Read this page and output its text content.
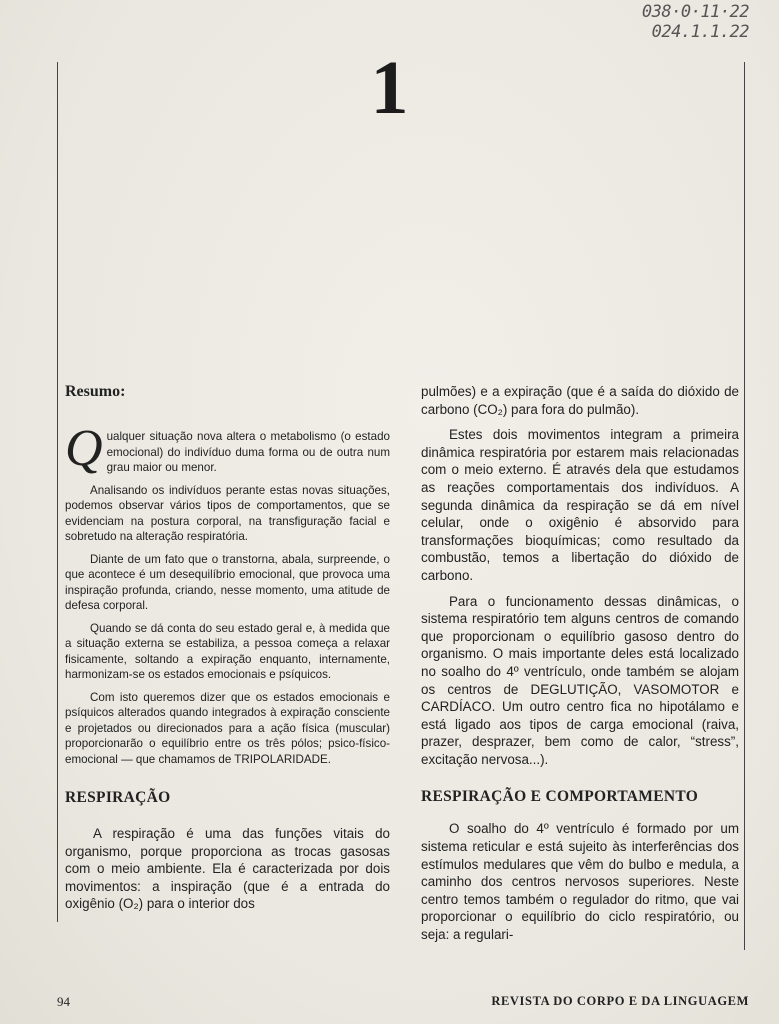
038·0·11·22
024.1.1.22
1
Resumo:

Qualquer situação nova altera o metabolismo (o estado emocional) do indivíduo duma forma ou de outra num grau maior ou menor.

Analisando os indivíduos perante estas novas situações, podemos observar vários tipos de comportamentos, que se evidenciam na postura corporal, na transfiguração facial e sobretudo na alteração respiratória.

Diante de um fato que o transtorna, abala, surpreende, o que acontece é um desequilíbrio emocional, que provoca uma inspiração profunda, criando, nesse momento, uma atitude de defesa corporal.

Quando se dá conta do seu estado geral e, à medida que a situação externa se estabiliza, a pessoa começa a relaxar fisicamente, soltando a expiração enquanto, internamente, harmonizam-se os estados emocionais e psíquicos.

Com isto queremos dizer que os estados emocionais e psíquicos alterados quando integrados à expiração consciente e projetados ou direcionados para a ação física (muscular) proporcionarão o equilíbrio entre os três pólos; psico-físico-emocional — que chamamos de TRIPOLARIDADE.

RESPIRAÇÃO

A respiração é uma das funções vitais do organismo, porque proporciona as trocas gasosas com o meio ambiente. Ela é caracterizada por dois movimentos: a inspiração (que é a entrada do oxigênio (O₂) para o interior dos

pulmões) e a expiração (que é a saída do dióxido de carbono (CO₂) para fora do pulmão).

Estes dois movimentos integram a primeira dinâmica respiratória por estarem mais relacionadas com o meio externo. É através dela que estudamos as reações comportamentais dos indivíduos. A segunda dinâmica da respiração se dá em nível celular, onde o oxigênio é absorvido para transformações bioquímicas; como resultado da combustão, temos a libertação do dióxido de carbono.

Para o funcionamento dessas dinâmicas, o sistema respiratório tem alguns centros de comando que proporcionam o equilíbrio gasoso dentro do organismo. O mais importante deles está localizado no soalho do 4º ventrículo, onde também se alojam os centros de DEGLUTIÇÃO, VASOMOTOR e CARDÍACO. Um outro centro fica no hipotálamo e está ligado aos tipos de carga emocional (raiva, prazer, desprazer, bem como de calor, “stress”, excitação nervosa...).

RESPIRAÇÃO E COMPORTAMENTO

O soalho do 4º ventrículo é formado por um sistema reticular e está sujeito às interferências dos estímulos medulares que vêm do bulbo e medula, a caminho dos centros nervosos superiores. Neste centro temos também o regulador do ritmo, que vai proporcionar o equilíbrio do ciclo respiratório, ou seja: a regulari-

94	REVISTA DO CORPO E DA LINGUAGEM
